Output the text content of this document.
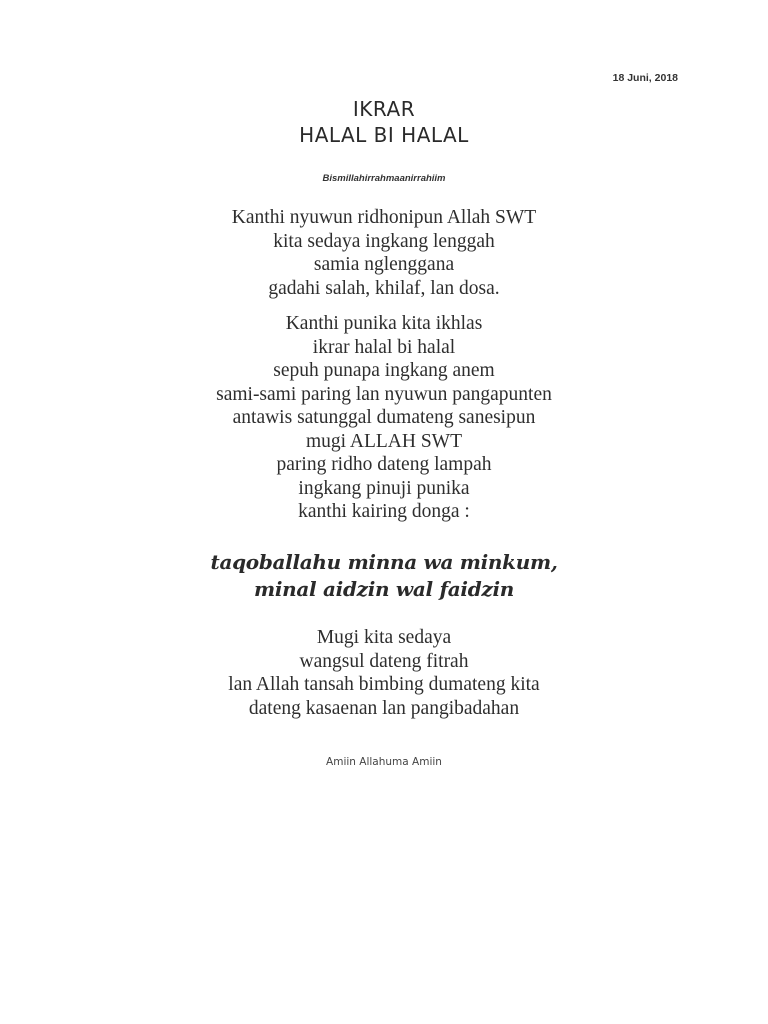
18 Juni, 2018
IKRAR
HALAL BI HALAL
Bismillahirrahmaanirrahiim
Kanthi nyuwun ridhonipun Allah SWT
kita sedaya ingkang lenggah
samia nglenggana
gadahi salah, khilaf, lan dosa.
Kanthi punika kita ikhlas
ikrar halal bi halal
sepuh punapa ingkang anem
sami-sami paring lan nyuwun pangapunten
antawis satunggal dumateng sanesipun
mugi ALLAH SWT
paring ridho dateng lampah
ingkang pinuji punika
kanthi kairing donga :
taqoballahu minna wa minkum,
minal aidzin wal faidzin
Mugi kita sedaya
wangsul dateng fitrah
lan Allah tansah bimbing dumateng kita
dateng kasaenan lan pangibadahan
Amiin Allahuma Amiin
